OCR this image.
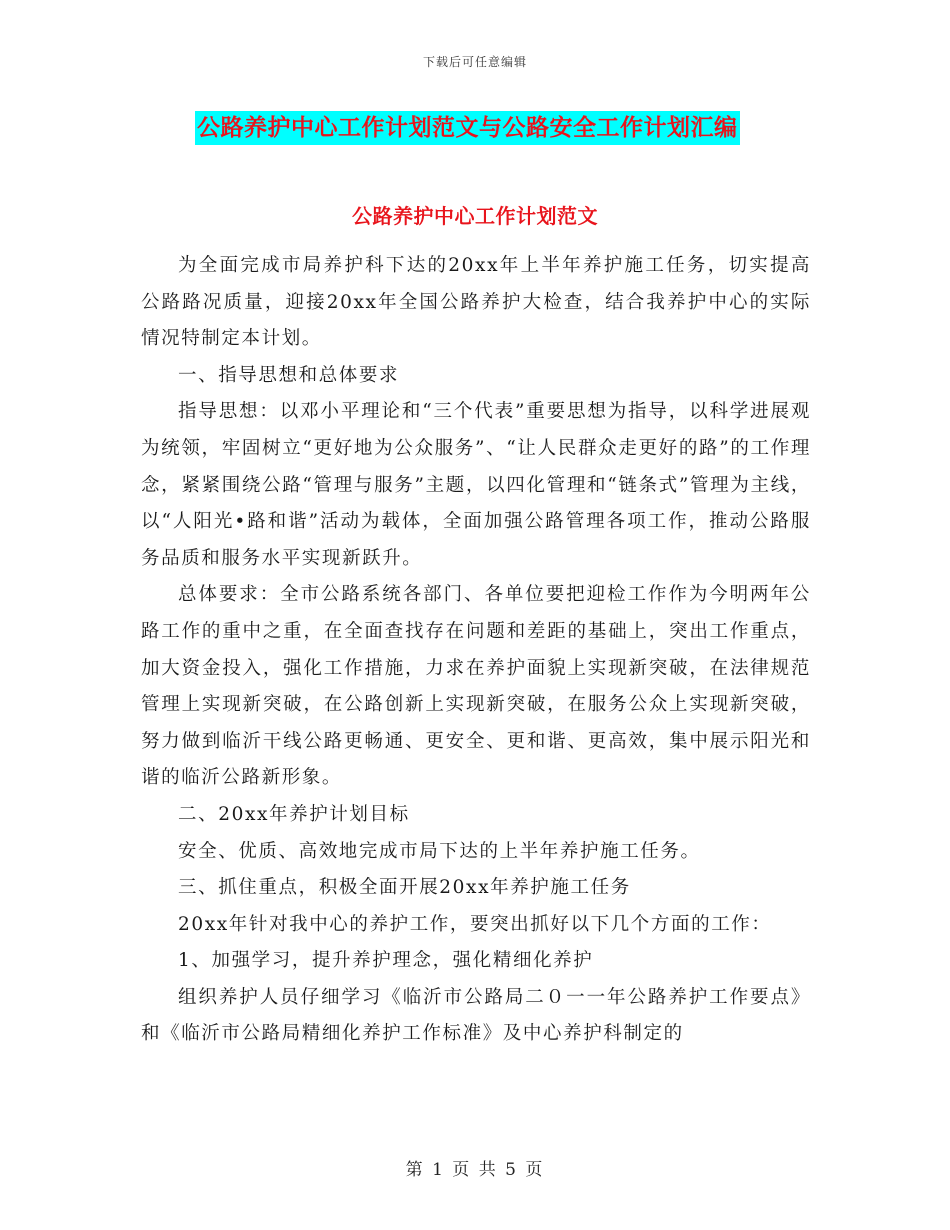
下载后可任意编辑
公路养护中心工作计划范文与公路安全工作计划汇编
公路养护中心工作计划范文

为全面完成市局养护科下达的20xx年上半年养护施工任务，切实提高公路路况质量，迎接20xx年全国公路养护大检查，结合我养护中心的实际情况特制定本计划。

一、指导思想和总体要求

指导思想：以邓小平理论和“三个代表”重要思想为指导，以科学进展观为统领，牢固树立“更好地为公众服务”、“让人民群众走更好的路”的工作理念，紧紧围绕公路“管理与服务”主题，以四化管理和“链条式”管理为主线，以“人阳光•路和谐”活动为载体，全面加强公路管理各项工作，推动公路服务品质和服务水平实现新跃升。

总体要求：全市公路系统各部门、各单位要把迎检工作作为今明两年公路工作的重中之重，在全面查找存在问题和差距的基础上，突出工作重点，加大资金投入，强化工作措施，力求在养护面貌上实现新突破，在法律规范管理上实现新突破，在公路创新上实现新突破，在服务公众上实现新突破，努力做到临沂干线公路更畅通、更安全、更和谐、更高效，集中展示阳光和谐的临沂公路新形象。

二、20xx年养护计划目标

安全、优质、高效地完成市局下达的上半年养护施工任务。

三、抓住重点，积极全面开展20xx年养护施工任务

20xx年针对我中心的养护工作，要突出抓好以下几个方面的工作：

1、加强学习，提升养护理念，强化精细化养护

组织养护人员仔细学习《临沂市公路局二０一一年公路养护工作要点》和《临沂市公路局精细化养护工作标准》及中心养护科制定的

第 1 页 共 5 页
